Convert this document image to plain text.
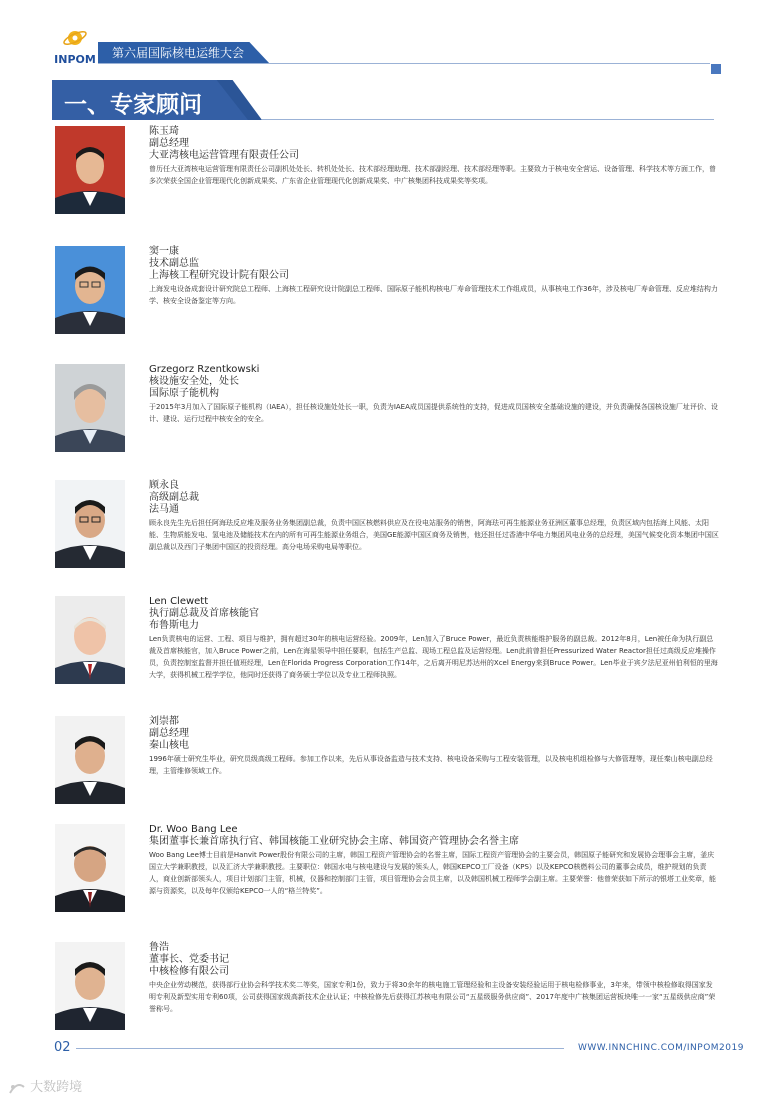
INPOM 第六届国际核电运维大会
一、专家顾问
陈玉琦
副总经理
大亚湾核电运营管理有限责任公司
曾历任大亚湾核电运营管理有限责任公司副机处处长、转机处处长、技术部经理助理、技术部副经理、技术部经理等职。主要致力于核电安全营运、设备管理、科学技术等方面工作，曾多次荣获全国企业管理现代化创新成果奖、广东省企业管理现代化创新成果奖、中广核集团科技成果奖等奖项。
窦一康
技术副总监
上海核工程研究设计院有限公司
上海发电设备成套设计研究院总工程师、上海核工程研究设计院副总工程师、国际原子能机构核电厂寿命管理技术工作组成员，从事核电工作36年，涉及核电厂寿命管理、反应堆结构力学、核安全设备鉴定等方向。
Grzegorz Rzentkowski
核设施安全处，处长
国际原子能机构
于2015年3月加入了国际原子能机构（IAEA），担任核设施处处长一职，负责为IAEA成员国提供系统性的支持，促进成员国核安全基础设施的建设，并负责确保各国核设施厂址评价、设计、建设、运行过程中核安全的安全。
顾永良
高级副总裁
法马通
顾永良先生先后担任阿海珐反应堆及服务业务集团副总裁，负责中国区核燃料供应及在役电站服务的销售，阿海珐可再生能源业务亚洲区董事总经理，负责区域内包括海上风能、太阳能、生物质能发电、氢电池及储能技术在内的所有可再生能源业务组合，美国GE能源中国区商务及销售，他还担任过香港中华电力集团风电业务的总经理，美国气候变化资本集团中国区副总裁以及西门子集团中国区的投资经理。高分电场采购电局等职位。
Len Clewett
执行副总裁及首席核能官
布鲁斯电力
Len负责核电的运营、工程、项目与维护，拥有超过30年的核电运营经验。2009年，Len加入了Bruce Power，最近负责核能维护服务的副总裁。2012年8月，Len被任命为执行副总裁及首席核能官，加入Bruce Power之前，Len在海星领导中担任要职，包括生产总监、现场工程总监及运营经理。Len此前曾担任Pressurized Water Reactor担任过高级反应堆操作员，负责控制室监督并担任值班经理，Len在Florida Progress Corporation工作14年，之后离开明尼苏达州的Xcel Energy来到Bruce Power。Len毕业于宾夕法尼亚州伯利恒的里海大学，获得机械工程学学位，他同时还获得了商务硕士学位以及专业工程师执照。
刘崇都
副总经理
秦山核电
1996年硕士研究生毕业，研究员级高级工程师。参加工作以来，先后从事设备监造与技术支持、核电设备采购与工程安装管理，以及核电机组检修与大修管理等，现任秦山核电副总经理，主管维修领域工作。
Dr. Woo Bang Lee
集团董事长兼首席执行官、韩国核能工业研究协会主席、韩国资产管理协会名誉主席
Woo Bang Lee博士目前是Hanvit Power股份有限公司的主席，韩国工程资产管理协会的名誉主席，国际工程资产管理协会的主要会员，韩国原子能研究和发展协会理事会主席，釜庆国立大学兼职教授，以及汇济大学兼职教授。主要职位：韩国水电与核电建设与发展的领头人，韩国KEPCO工厂设备（KPS）以及KEPCO核燃料公司的董事会成员，维护规划的负责人，商业创新部领头人，项目计划部门主管，机械，仪器和控制部门主管，项目管理协会会员主席，以及韩国机械工程师学会副主席。主要荣誉：他曾荣获如下所示的银塔工业奖章，能源与资源奖，以及每年仅颁给KEPCO一人的“格兰特奖”。
鲁浩
董事长、党委书记
中核检修有限公司
中央企业劳动模范，获得部行业协会科学技术奖二等奖，国家专利1份，致力于将30余年的核电施工管理经验和主设备安装经验运用于核电检修事业，3年来，带领中核检修取得国家发明专利及新型实用专利60项，公司获得国家级高新技术企业认证；中核检修先后获得江苏核电有限公司“五星级服务供应商”、2017年度中广核集团运营板块唯一一家“五星级供应商”荣誉称号。
02	WWW.INNCHINC.COM/INPOM2019
大数跨境
